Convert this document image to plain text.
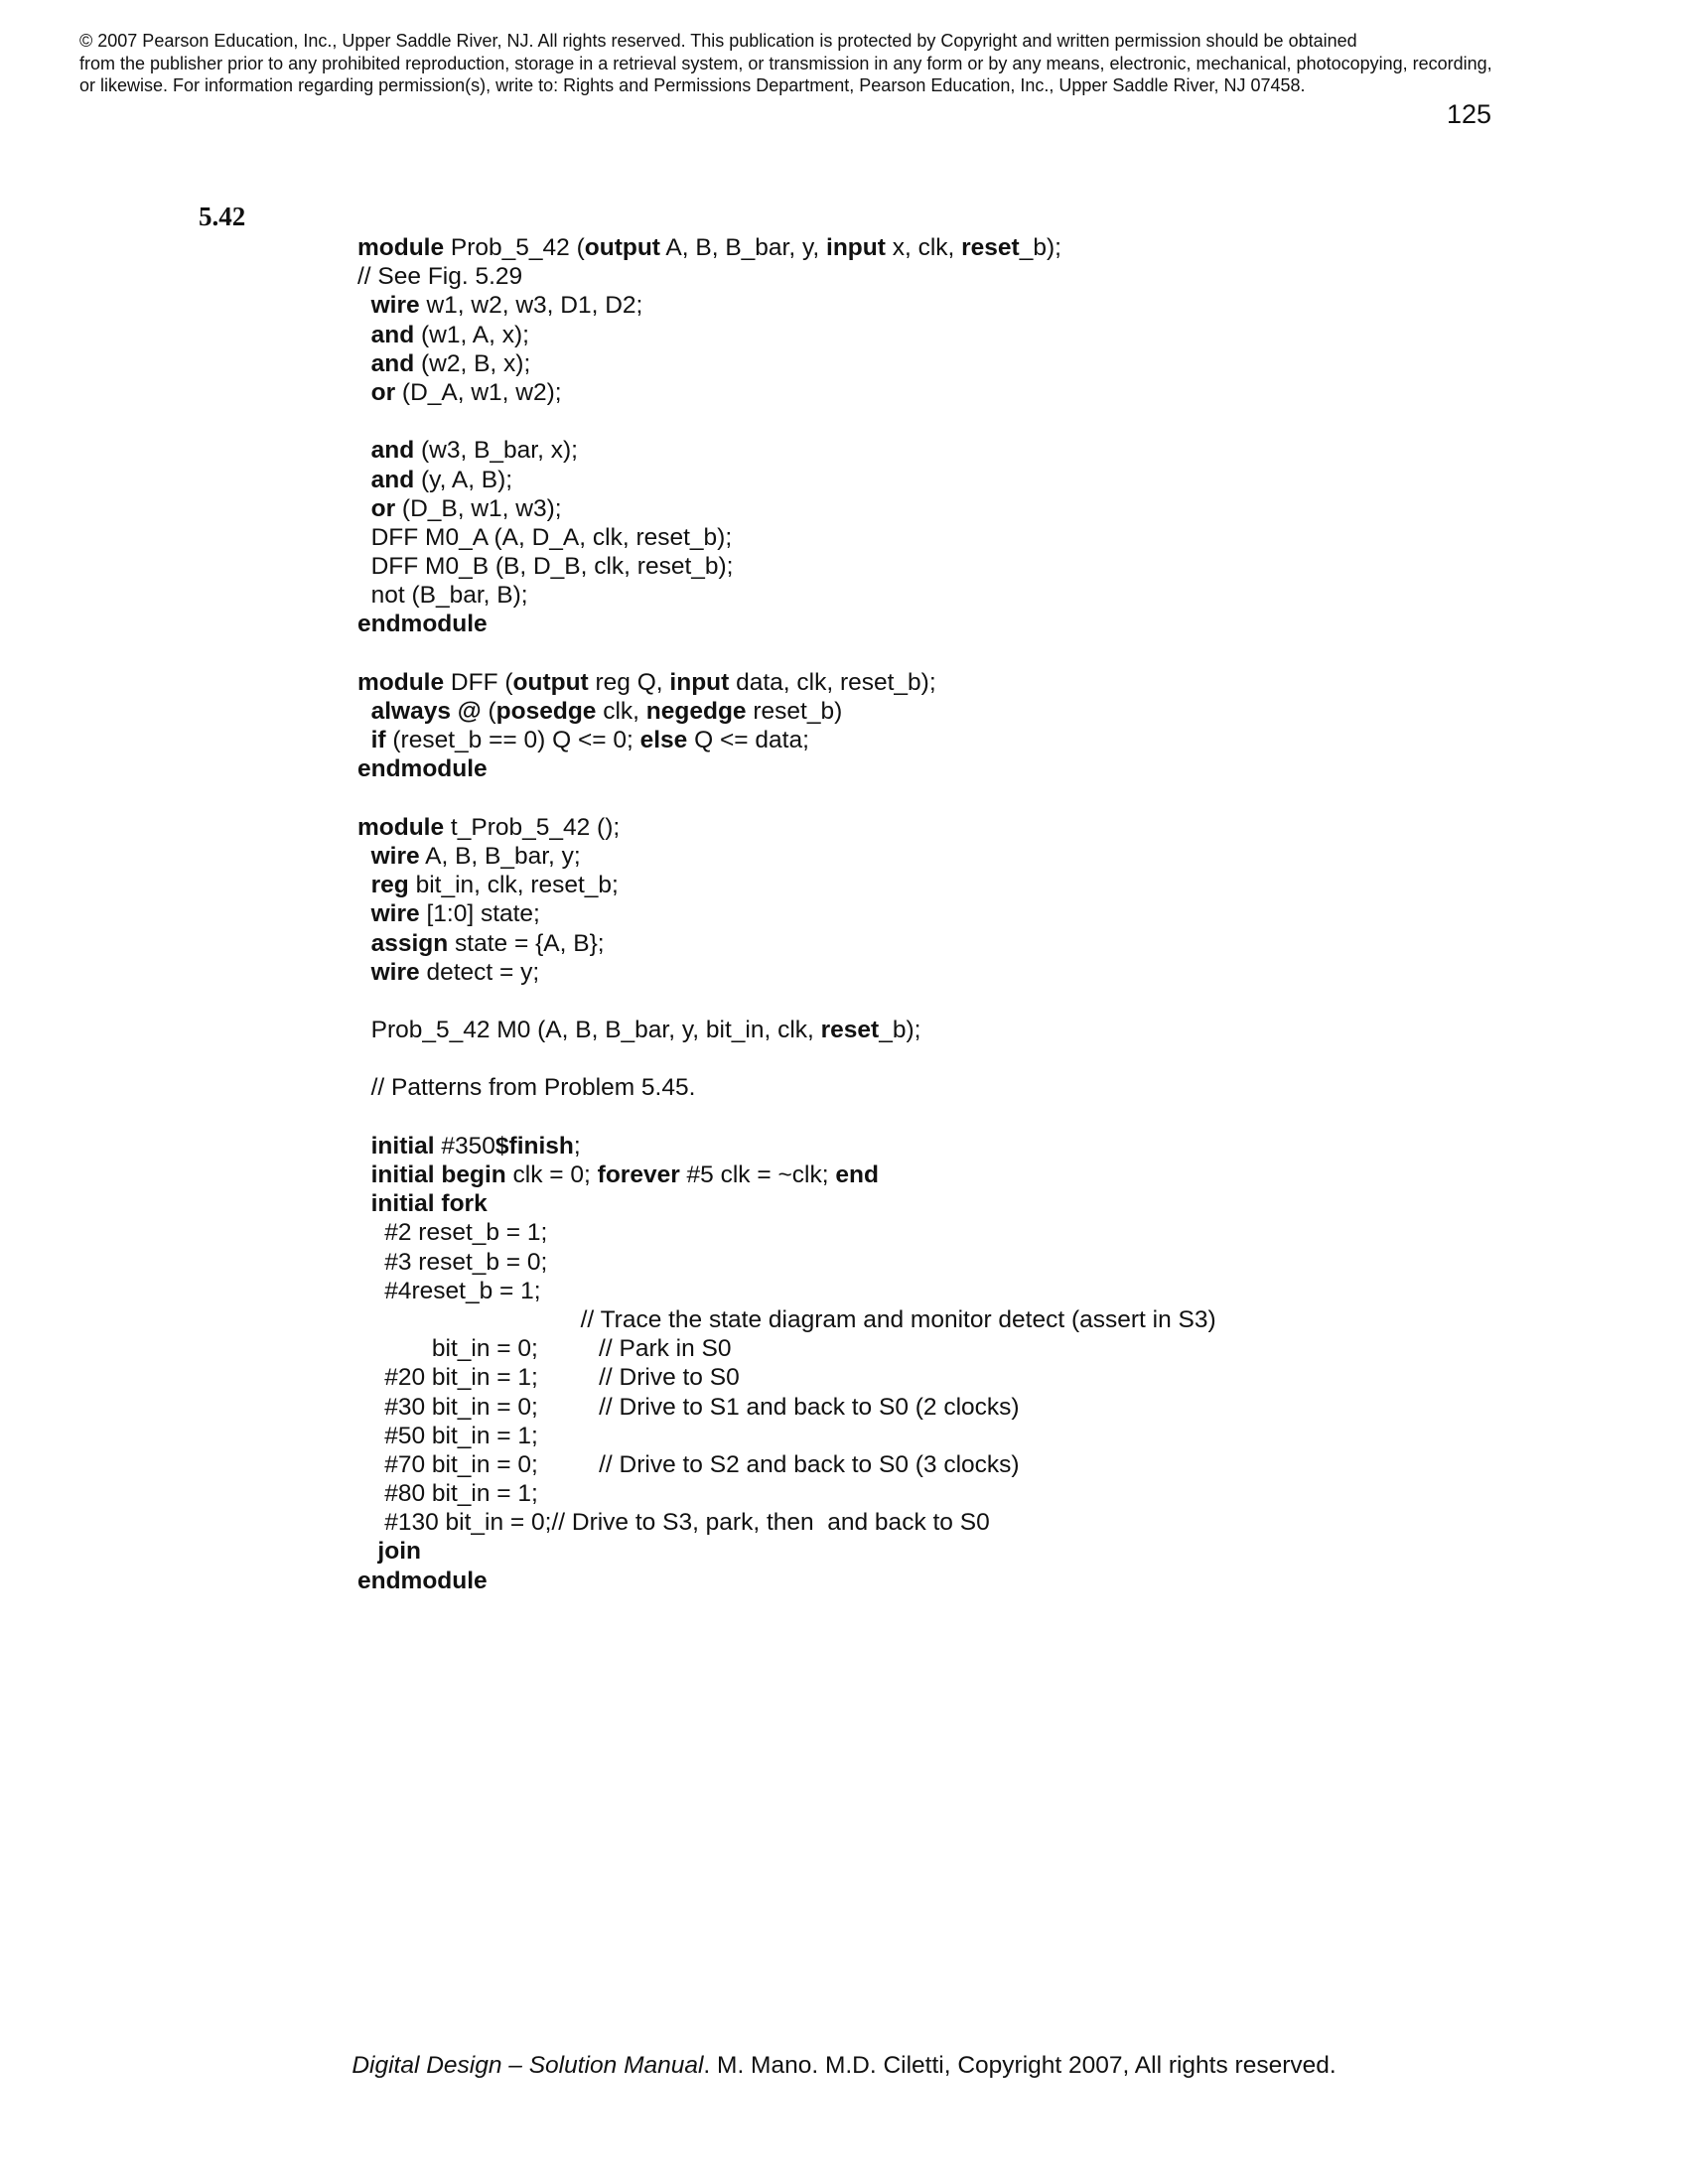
© 2007 Pearson Education, Inc., Upper Saddle River, NJ. All rights reserved. This publication is protected by Copyright and written permission should be obtained
from the publisher prior to any prohibited reproduction, storage in a retrieval system, or transmission in any form or by any means, electronic, mechanical, photocopying, recording,
or likewise. For information regarding permission(s), write to: Rights and Permissions Department, Pearson Education, Inc., Upper Saddle River, NJ 07458.
125
5.42
module Prob_5_42 (output A, B, B_bar, y, input x, clk, reset_b);
// See Fig. 5.29
wire w1, w2, w3, D1, D2;
and (w1, A, x);
and (w2, B, x);
or (D_A, w1, w2);
and (w3, B_bar, x);
and (y, A, B);
or (D_B, w1, w3);
DFF M0_A (A, D_A, clk, reset_b);
DFF M0_B (B, D_B, clk, reset_b);
not (B_bar, B);
endmodule
module DFF (output reg Q, input data, clk, reset_b);
always @ (posedge clk, negedge reset_b)
if (reset_b == 0) Q <= 0; else Q <= data;
endmodule
module t_Prob_5_42 ();
wire A, B, B_bar, y;
reg bit_in, clk, reset_b;
wire [1:0] state;
assign state = {A, B};
wire detect = y;
Prob_5_42 M0 (A, B, B_bar, y, bit_in, clk, reset_b);
// Patterns from Problem 5.45.
initial #350$finish;
initial begin clk = 0; forever #5 clk = ~clk; end
initial fork
#2 reset_b = 1;
#3 reset_b = 0;
#4reset_b = 1;
// Trace the state diagram and monitor detect (assert in S3)
bit_in = 0;         // Park in S0
#20 bit_in = 1;         // Drive to S0
#30 bit_in = 0;         // Drive to S1 and back to S0 (2 clocks)
#50 bit_in = 1;
#70 bit_in = 0;         // Drive to S2 and back to S0 (3 clocks)
#80 bit_in = 1;
#130 bit_in = 0;// Drive to S3, park, then  and back to S0
join
endmodule
Digital Design – Solution Manual. M. Mano. M.D. Ciletti, Copyright 2007, All rights reserved.
